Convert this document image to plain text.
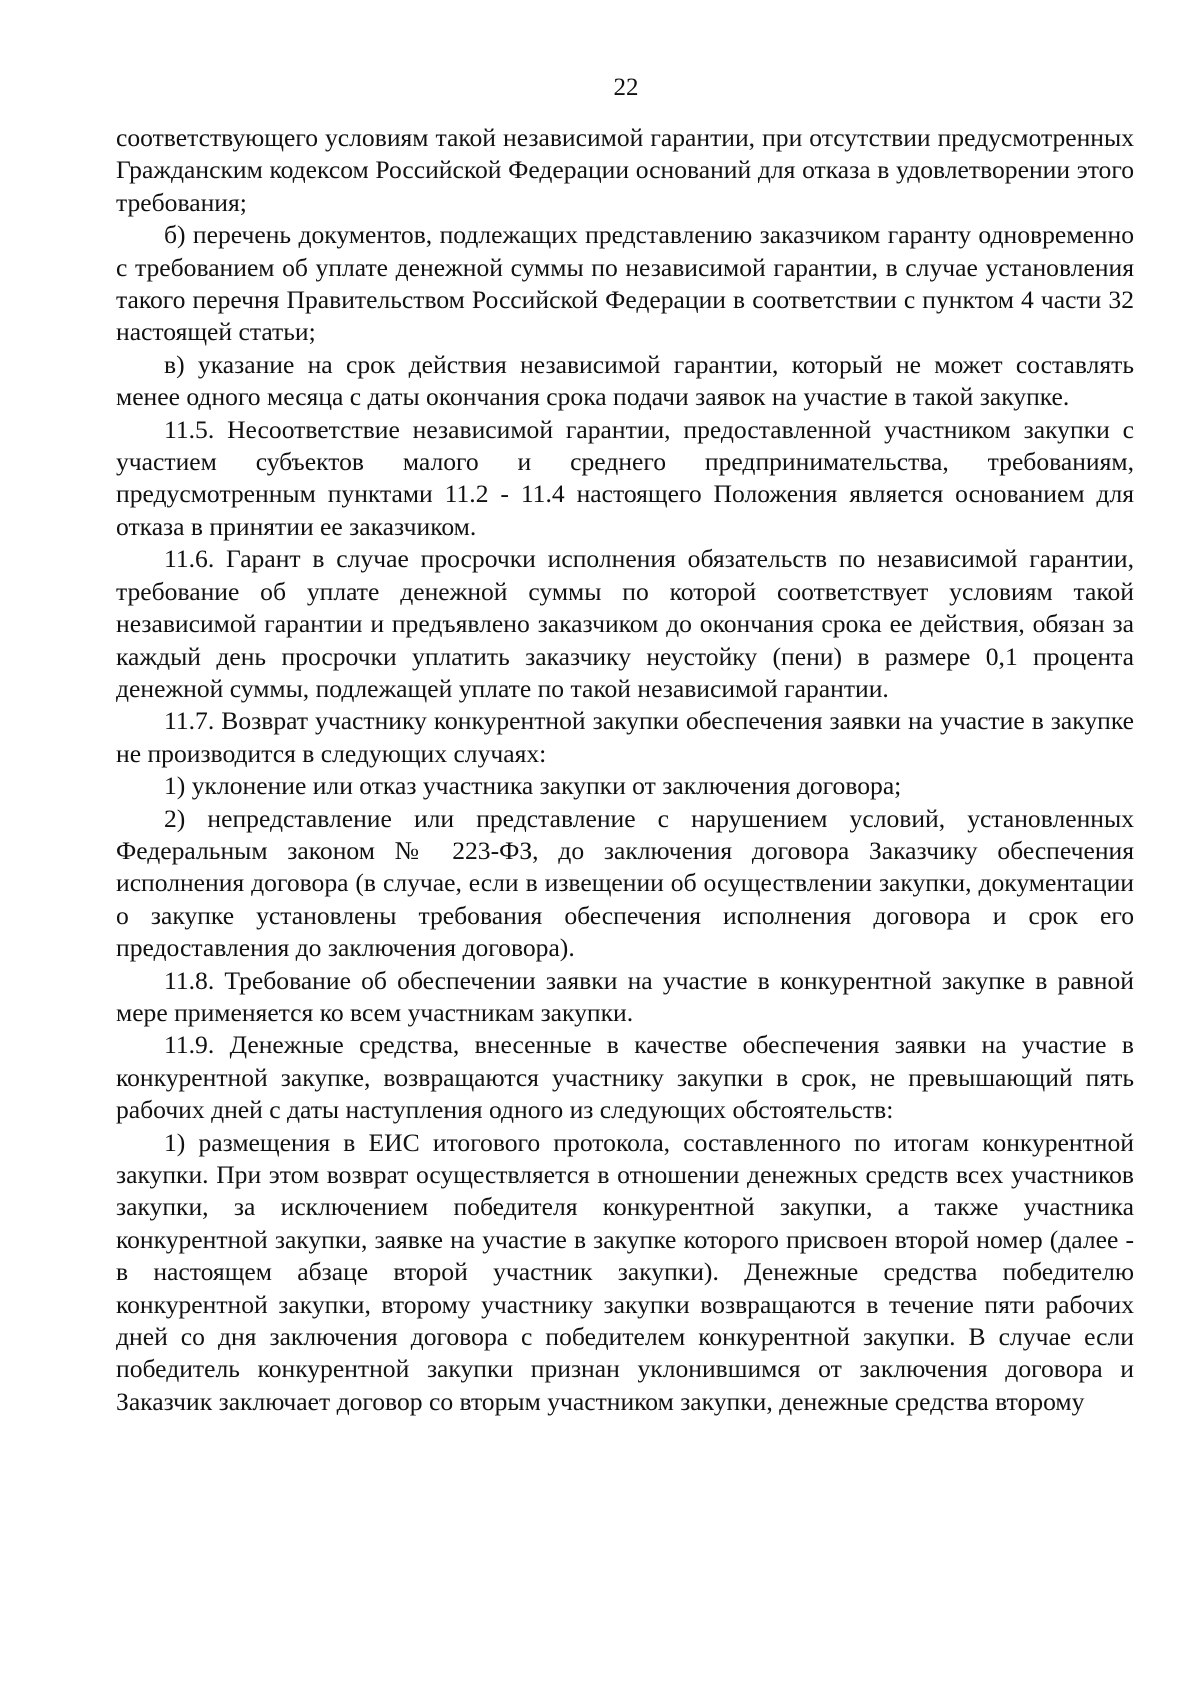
22

соответствующего условиям такой независимой гарантии, при отсутствии предусмотренных Гражданским кодексом Российской Федерации оснований для отказа в удовлетворении этого требования;

б) перечень документов, подлежащих представлению заказчиком гаранту одновременно с требованием об уплате денежной суммы по независимой гарантии, в случае установления такого перечня Правительством Российской Федерации в соответствии с пунктом 4 части 32 настоящей статьи;

в) указание на срок действия независимой гарантии, который не может составлять менее одного месяца с даты окончания срока подачи заявок на участие в такой закупке.

11.5. Несоответствие независимой гарантии, предоставленной участником закупки с участием субъектов малого и среднего предпринимательства, требованиям, предусмотренным пунктами 11.2 - 11.4 настоящего Положения является основанием для отказа в принятии ее заказчиком.

11.6. Гарант в случае просрочки исполнения обязательств по независимой гарантии, требование об уплате денежной суммы по которой соответствует условиям такой независимой гарантии и предъявлено заказчиком до окончания срока ее действия, обязан за каждый день просрочки уплатить заказчику неустойку (пени) в размере 0,1 процента денежной суммы, подлежащей уплате по такой независимой гарантии.

11.7. Возврат участнику конкурентной закупки обеспечения заявки на участие в закупке не производится в следующих случаях:

1) уклонение или отказ участника закупки от заключения договора;

2) непредставление или представление с нарушением условий, установленных Федеральным законом № 223-ФЗ, до заключения договора Заказчику обеспечения исполнения договора (в случае, если в извещении об осуществлении закупки, документации о закупке установлены требования обеспечения исполнения договора и срок его предоставления до заключения договора).

11.8. Требование об обеспечении заявки на участие в конкурентной закупке в равной мере применяется ко всем участникам закупки.

11.9. Денежные средства, внесенные в качестве обеспечения заявки на участие в конкурентной закупке, возвращаются участнику закупки в срок, не превышающий пять рабочих дней с даты наступления одного из следующих обстоятельств:

1) размещения в ЕИС итогового протокола, составленного по итогам конкурентной закупки. При этом возврат осуществляется в отношении денежных средств всех участников закупки, за исключением победителя конкурентной закупки, а также участника конкурентной закупки, заявке на участие в закупке которого присвоен второй номер (далее - в настоящем абзаце второй участник закупки). Денежные средства победителю конкурентной закупки, второму участнику закупки возвращаются в течение пяти рабочих дней со дня заключения договора с победителем конкурентной закупки. В случае если победитель конкурентной закупки признан уклонившимся от заключения договора и Заказчик заключает договор со вторым участником закупки, денежные средства второму
